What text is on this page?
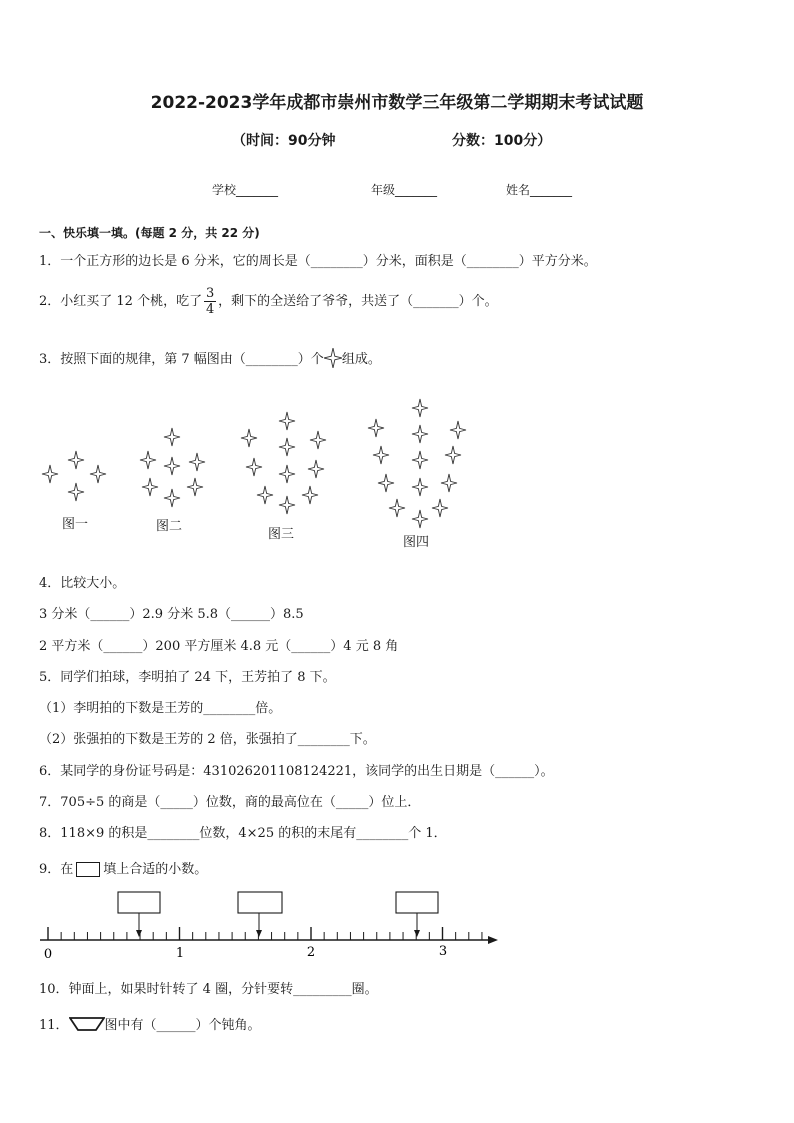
2022-2023学年成都市崇州市数学三年级第二学期期末考试试题
（时间：90分钟	分数：100分）
学校_______	年级_______	姓名_______
一、快乐填一填。(每题 2 分，共 22 分)
1．一个正方形的边长是 6 分米，它的周长是（________）分米，面积是（________）平方分米。
2．小红买了 12 个桃，吃了 $\frac{3}{4}$ ，剩下的全送给了爷爷，共送了（_______）个。
3．按照下面的规律，第 7 幅图由（________）个 组成。
图一	图二
图三
图四
4．比较大小。
3 分米（______）2.9 分米 5.8（______）8.5
2 平方米（______）200 平方厘米 4.8 元（______）4 元 8 角
5．同学们拍球，李明拍了 24 下，王芳拍了 8 下。
（1）李明拍的下数是王芳的________倍。
（2）张强拍的下数是王芳的 2 倍，张强拍了________下。
6．某同学的身份证号码是：431026201108124221，该同学的出生日期是（______）。
7．705÷5 的商是（_____）位数，商的最高位在（_____）位上．
8．118×9 的积是________位数，4×25 的积的末尾有________个 1．
9．在 填上合适的小数。
0	1	2	3
10．钟面上，如果时针转了 4 圈，分针要转_________圈。
11．	图中有（______）个钝角。
